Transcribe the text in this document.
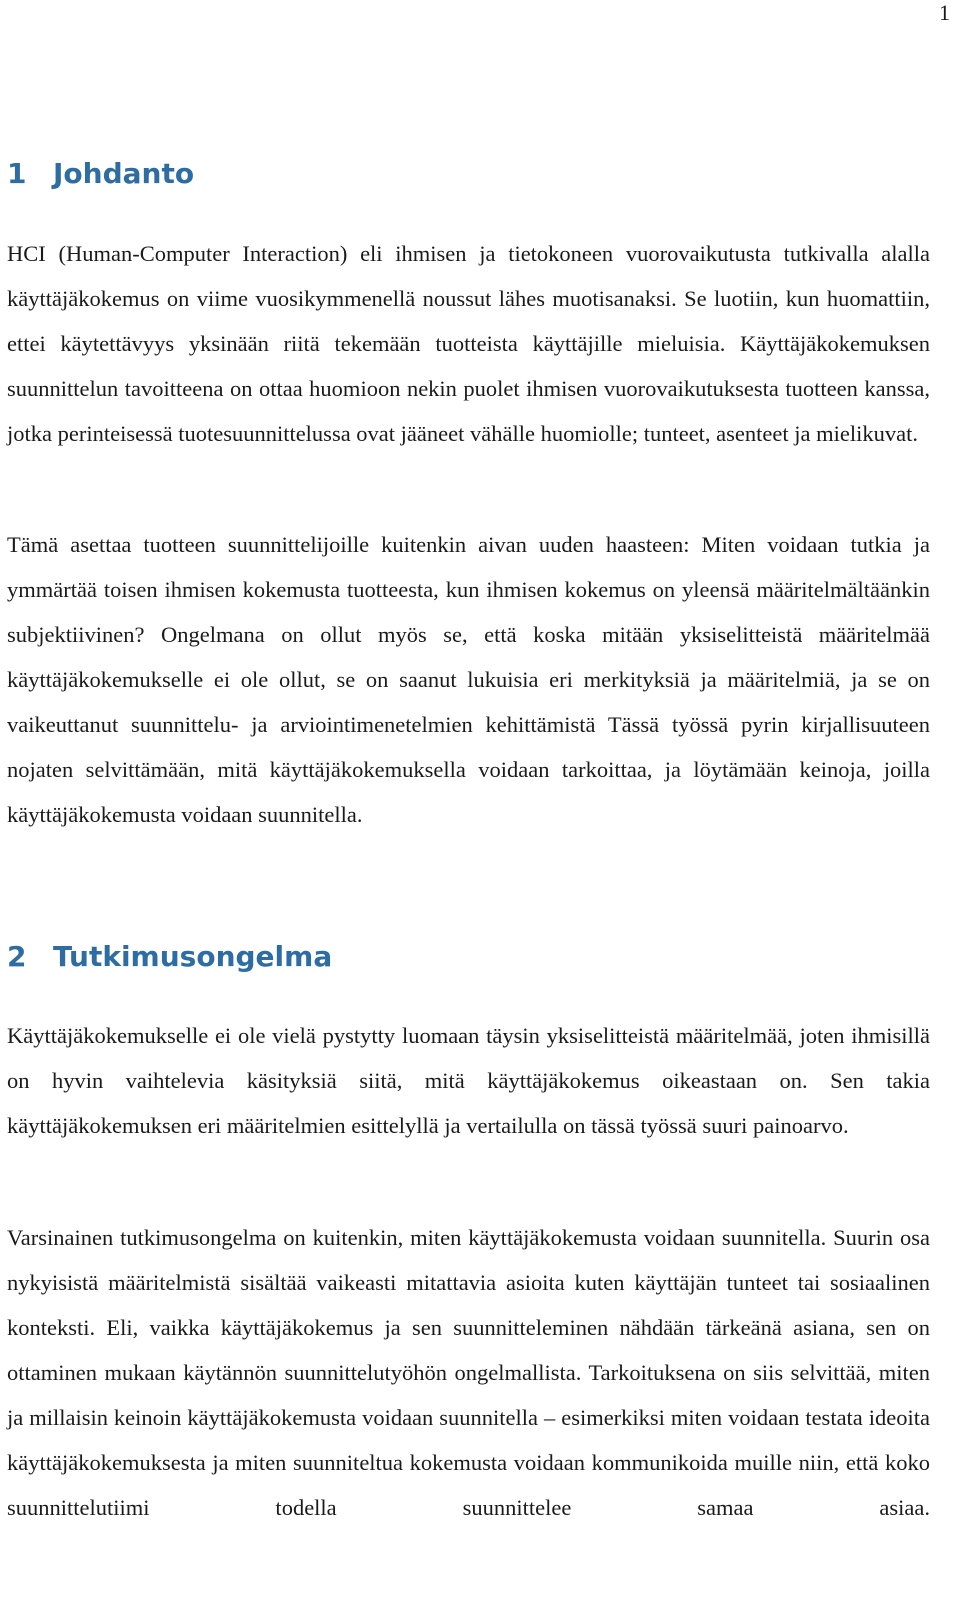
1
1 Johdanto

HCI (Human-Computer Interaction) eli ihmisen ja tietokoneen vuorovaikutusta tutkivalla alalla käyttäjäkokemus on viime vuosikymmenellä noussut lähes muotisanaksi. Se luotiin, kun huomattiin, ettei käytettävyys yksinään riitä tekemään tuotteista käyttäjille mieluisia. Käyttäjäkokemuksen suunnittelun tavoitteena on ottaa huomioon nekin puolet ihmisen vuorovaikutuksesta tuotteen kanssa, jotka perinteisessä tuotesuunnittelussa ovat jääneet vähälle huomiolle; tunteet, asenteet ja mielikuvat.

Tämä asettaa tuotteen suunnittelijoille kuitenkin aivan uuden haasteen: Miten voidaan tutkia ja ymmärtää toisen ihmisen kokemusta tuotteesta, kun ihmisen kokemus on yleensä määritelmältäänkin subjektiivinen? Ongelmana on ollut myös se, että koska mitään yksiselitteistä määritelmää käyttäjäkokemukselle ei ole ollut, se on saanut lukuisia eri merkityksiä ja määritelmiä, ja se on vaikeuttanut suunnittelu- ja arviointimenetelmien kehittämistä Tässä työssä pyrin kirjallisuuteen nojaten selvittämään, mitä käyttäjäkokemuksella voidaan tarkoittaa, ja löytämään keinoja, joilla käyttäjäkokemusta voidaan suunnitella.

2 Tutkimusongelma

Käyttäjäkokemukselle ei ole vielä pystytty luomaan täysin yksiselitteistä määritelmää, joten ihmisillä on hyvin vaihtelevia käsityksiä siitä, mitä käyttäjäkokemus oikeastaan on. Sen takia käyttäjäkokemuksen eri määritelmien esittelyllä ja vertailulla on tässä työssä suuri painoarvo.

Varsinainen tutkimusongelma on kuitenkin, miten käyttäjäkokemusta voidaan suunnitella. Suurin osa nykyisistä määritelmistä sisältää vaikeasti mitattavia asioita kuten käyttäjän tunteet tai sosiaalinen konteksti. Eli, vaikka käyttäjäkokemus ja sen suunnitteleminen nähdään tärkeänä asiana, sen on ottaminen mukaan käytännön suunnittelutyöhön ongelmallista. Tarkoituksena on siis selvittää, miten ja millaisin keinoin käyttäjäkokemusta voidaan suunnitella – esimerkiksi miten voidaan testata ideoita käyttäjäkokemuksesta ja miten suunniteltua kokemusta voidaan kommunikoida muille niin, että koko suunnittelutiimi todella suunnittelee samaa asiaa.
